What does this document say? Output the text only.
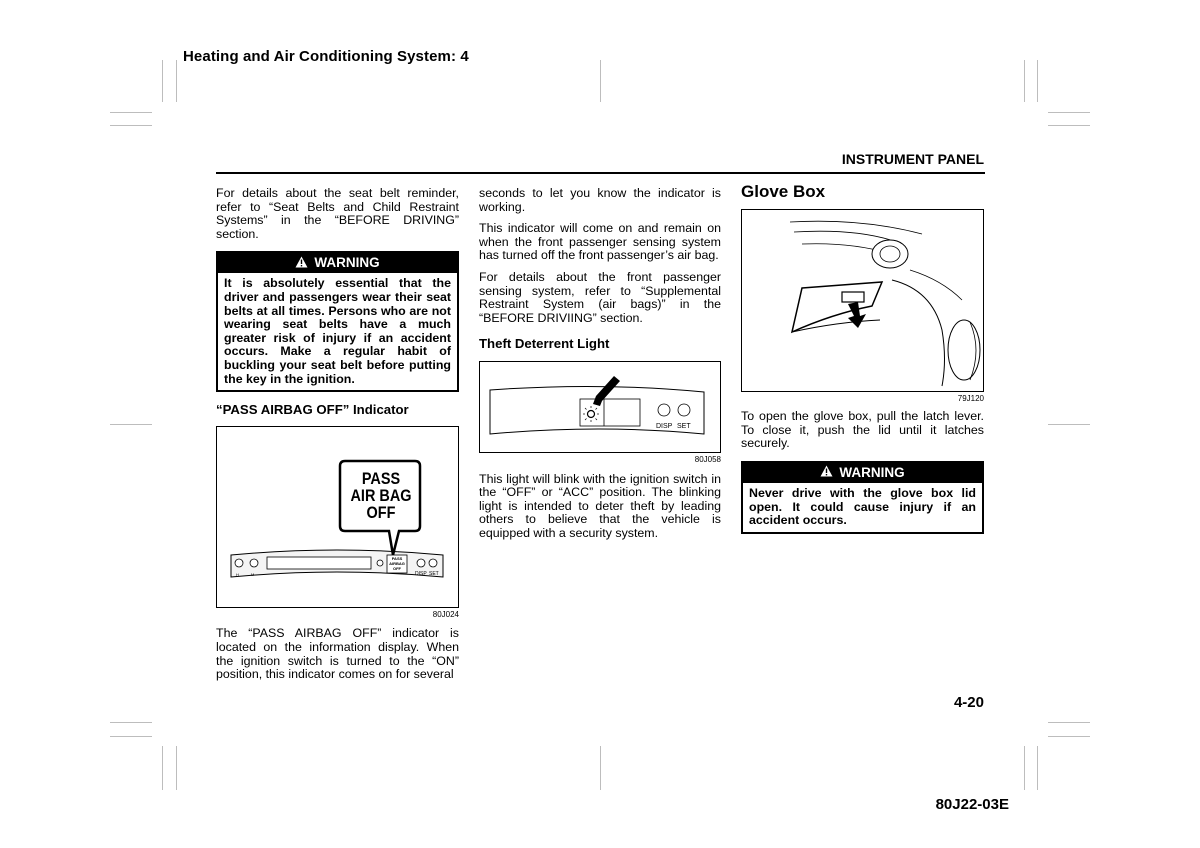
Heating and Air Conditioning System: 4
INSTRUMENT PANEL

For details about the seat belt reminder, refer to “Seat Belts and Child Restraint Systems” in the “BEFORE DRIVING” section.

WARNING
It is absolutely essential that the driver and passengers wear their seat belts at all times. Persons who are not wearing seat belts have a much greater risk of injury if an accident occurs. Make a regular habit of buckling your seat belt before putting the key in the ignition.
“PASS AIRBAG OFF” Indicator
PASS
AIR BAG
OFF
PASS
AIRBAG
OFF
H	M	DISP SET
80J024

The “PASS AIRBAG OFF” indicator is located on the information display. When the ignition switch is turned to the “ON” position, this indicator comes on for several

seconds to let you know the indicator is working.

This indicator will come on and remain on when the front passenger sensing system has turned off the front passenger’s air bag.

For details about the front passenger sensing system, refer to “Supplemental Restraint System (air bags)” in the “BEFORE DRIVIING” section.

Theft Deterrent Light
DISP SET
80J058

This light will blink with the ignition switch in the “OFF” or “ACC” position. The blinking light is intended to deter theft by leading others to believe that the vehicle is equipped with a security system.

Glove Box
79J120

To open the glove box, pull the latch lever. To close it, push the lid until it latches securely.

WARNING
Never drive with the glove box lid open. It could cause injury if an accident occurs.
4-20
80J22-03E
